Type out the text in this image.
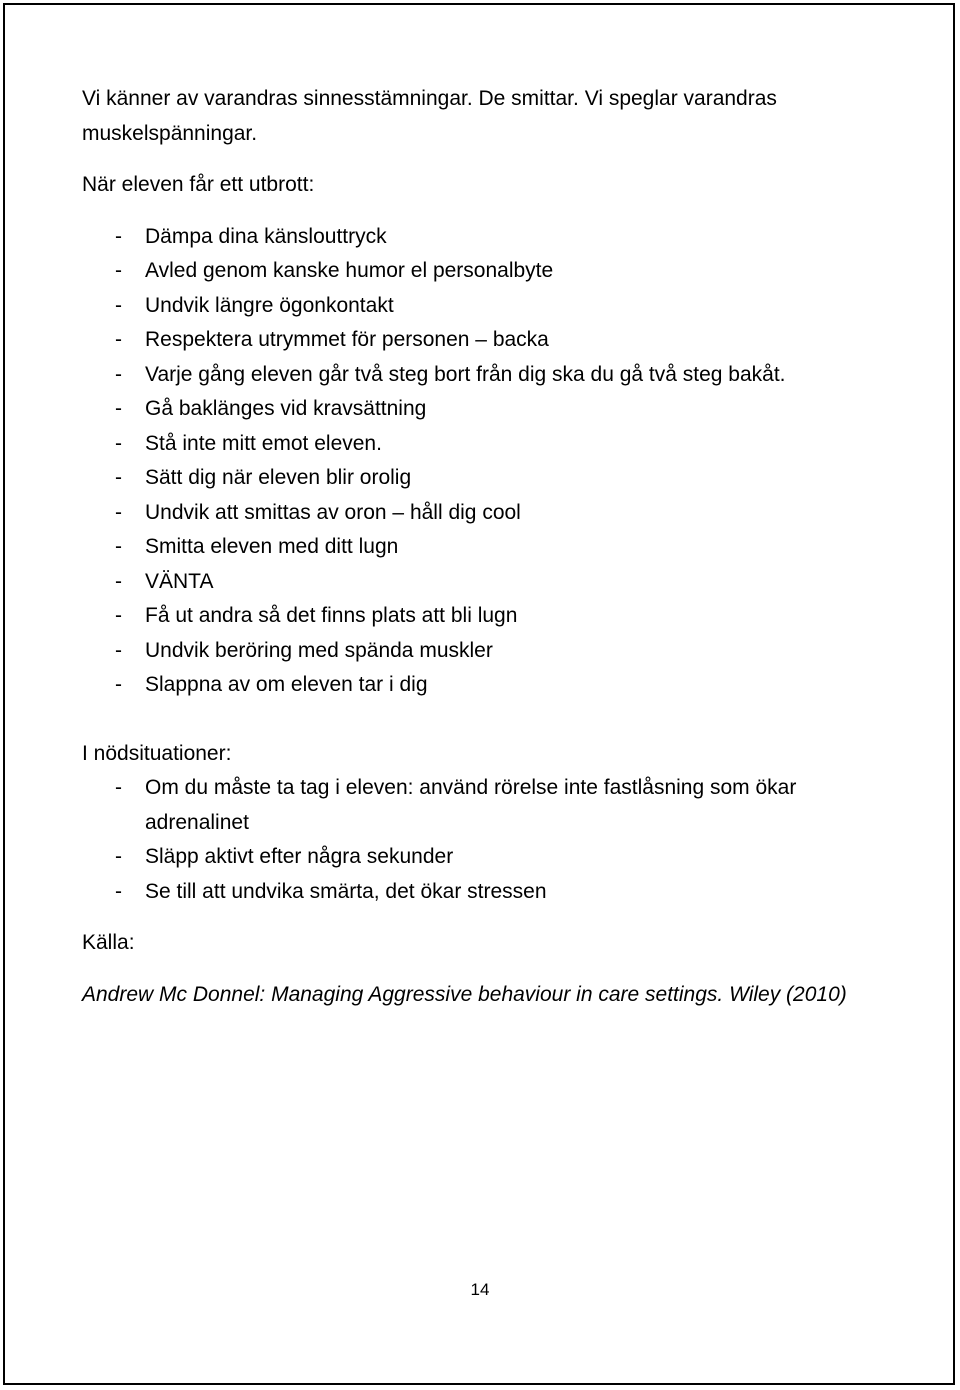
Vi känner av varandras sinnesstämningar. De smittar. Vi speglar varandras muskelspänningar.

När eleven får ett utbrott:

- Dämpa dina känslouttryck
- Avled genom kanske humor el personalbyte
- Undvik längre ögonkontakt
- Respektera utrymmet för personen – backa
- Varje gång eleven går två steg bort från dig ska du gå två steg bakåt.
- Gå baklänges vid kravsättning
- Stå inte mitt emot eleven.
- Sätt dig när eleven blir orolig
- Undvik att smittas av oron – håll dig cool
- Smitta eleven med ditt lugn
- VÄNTA
- Få ut andra så det finns plats att bli lugn
- Undvik beröring med spända muskler
- Slappna av om eleven tar i dig

I nödsituationer:

- Om du måste ta tag i eleven: använd rörelse inte fastlåsning som ökar adrenalinet
- Släpp aktivt efter några sekunder
- Se till att undvika smärta, det ökar stressen

Källa:

Andrew Mc Donnel: Managing Aggressive behaviour in care settings. Wiley (2010)

14
